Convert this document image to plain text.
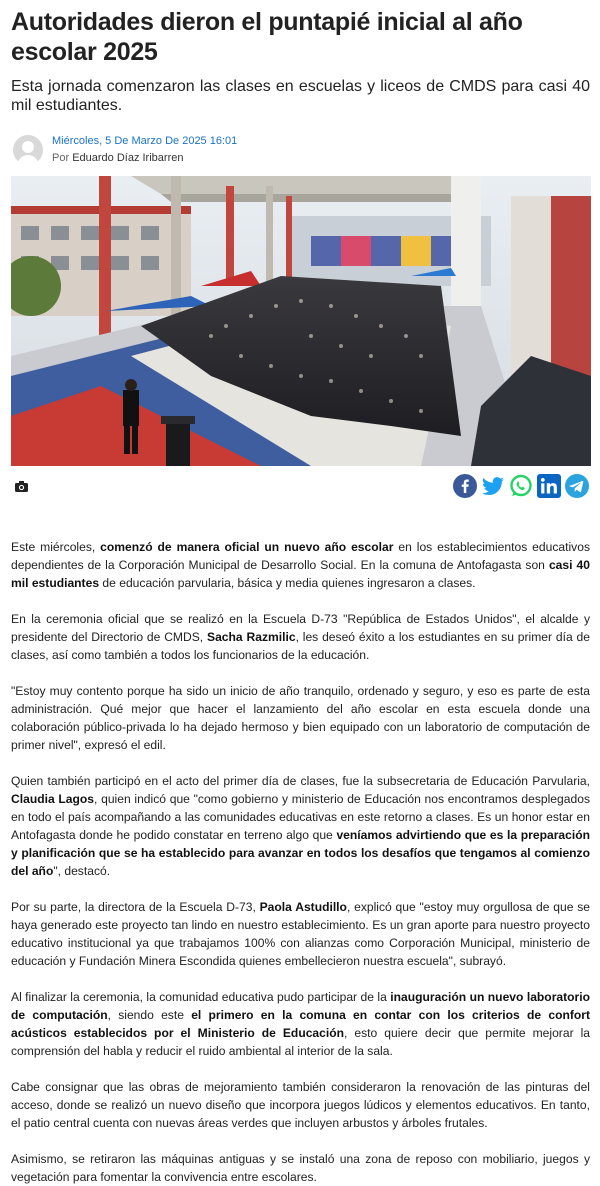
Autoridades dieron el puntapié inicial al año escolar 2025

Esta jornada comenzaron las clases en escuelas y liceos de CMDS para casi 40 mil estudiantes.

Miércoles, 5 De Marzo De 2025 16:01
Por Eduardo Díaz Iribarren

Este miércoles, comenzó de manera oficial un nuevo año escolar en los establecimientos educativos dependientes de la Corporación Municipal de Desarrollo Social. En la comuna de Antofagasta son casi 40 mil estudiantes de educación parvularia, básica y media quienes ingresaron a clases.

En la ceremonia oficial que se realizó en la Escuela D-73 "República de Estados Unidos", el alcalde y presidente del Directorio de CMDS, Sacha Razmilic, les deseó éxito a los estudiantes en su primer día de clases, así como también a todos los funcionarios de la educación.

"Estoy muy contento porque ha sido un inicio de año tranquilo, ordenado y seguro, y eso es parte de esta administración. Qué mejor que hacer el lanzamiento del año escolar en esta escuela donde una colaboración público-privada lo ha dejado hermoso y bien equipado con un laboratorio de computación de primer nivel", expresó el edil.

Quien también participó en el acto del primer día de clases, fue la subsecretaria de Educación Parvularia, Claudia Lagos, quien indicó que "como gobierno y ministerio de Educación nos encontramos desplegados en todo el país acompañando a las comunidades educativas en este retorno a clases. Es un honor estar en Antofagasta donde he podido constatar en terreno algo que veníamos advirtiendo que es la preparación y planificación que se ha establecido para avanzar en todos los desafíos que tengamos al comienzo del año", destacó.

Por su parte, la directora de la Escuela D-73, Paola Astudillo, explicó que "estoy muy orgullosa de que se haya generado este proyecto tan lindo en nuestro establecimiento. Es un gran aporte para nuestro proyecto educativo institucional ya que trabajamos 100% con alianzas como Corporación Municipal, ministerio de educación y Fundación Minera Escondida quienes embellecieron nuestra escuela", subrayó.

Al finalizar la ceremonia, la comunidad educativa pudo participar de la inauguración un nuevo laboratorio de computación, siendo este el primero en la comuna en contar con los criterios de confort acústicos establecidos por el Ministerio de Educación, esto quiere decir que permite mejorar la comprensión del habla y reducir el ruido ambiental al interior de la sala.

Cabe consignar que las obras de mejoramiento también consideraron la renovación de las pinturas del acceso, donde se realizó un nuevo diseño que incorpora juegos lúdicos y elementos educativos. En tanto, el patio central cuenta con nuevas áreas verdes que incluyen arbustos y árboles frutales.

Asimismo, se retiraron las máquinas antiguas y se instaló una zona de reposo con mobiliario, juegos y vegetación para fomentar la convivencia entre escolares.
